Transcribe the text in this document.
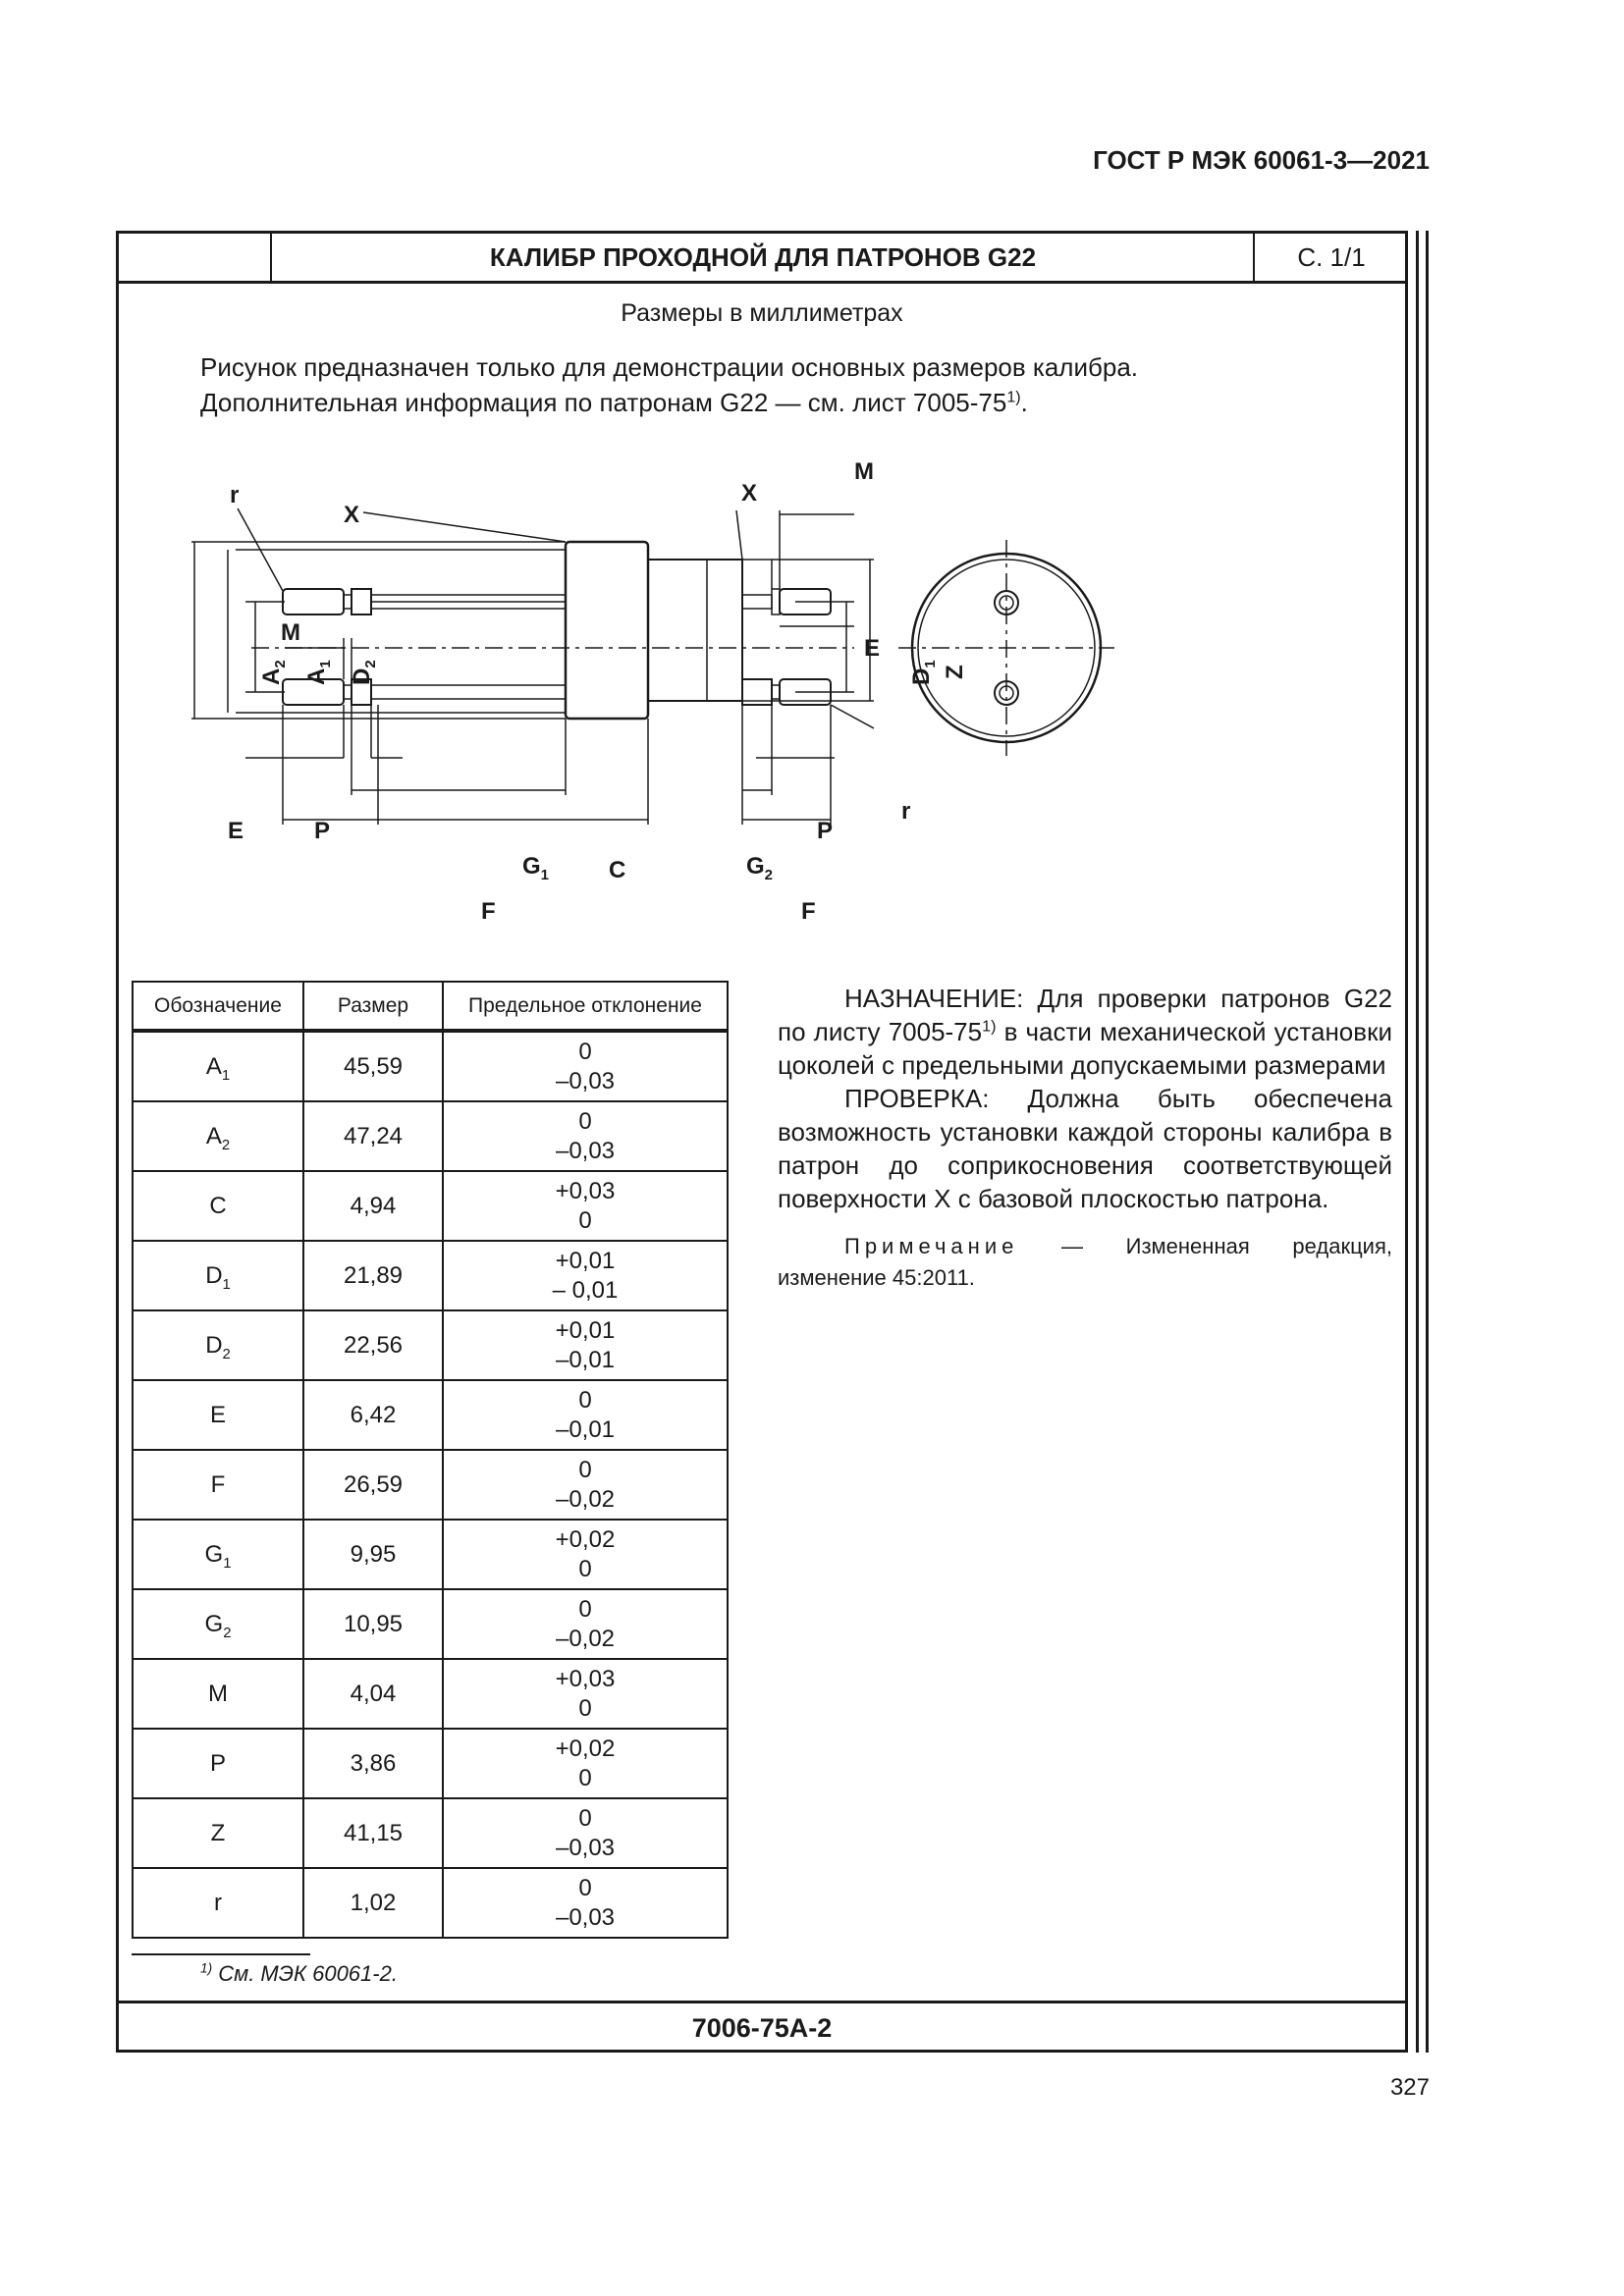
ГОСТ Р МЭК 60061-3—2021
КАЛИБР ПРОХОДНОЙ ДЛЯ ПАТРОНОВ G22	С. 1/1
Размеры в миллиметрах
Рисунок предназначен только для демонстрации основных размеров калибра.
Дополнительная информация по патронам G22 — см. лист 7005-75$^{1)}$.
r
X
X
M
M
E
E	P	P
C
F	F
r
$G_1$	$G_2$
$A_2$
$A_1$
$D_2$
$D_1$
Z
Обозначение	Размер	Предельное отклонение
$A_1$	45,59	0
–0,03

$A_2$	47,24	0
–0,03

C	4,94	+0,03
0

$D_1$	21,89	+0,01
– 0,01

$D_2$	22,56	+0,01
–0,01

E	6,42	0
–0,01

F	26,59	0
–0,02

$G_1$	9,95	+0,02
0

$G_2$	10,95	0
–0,02

M	4,04	+0,03
0

P	3,86	+0,02
0

Z	41,15	0
–0,03

r	1,02	0
–0,03

НАЗНАЧЕНИЕ: Для проверки патронов G22 по листу 7005-75$^{1)}$ в части механической установки цоколей с предельными допускаемыми размерами

ПРОВЕРКА: Должна быть обеспечена возможность установки каждой стороны калибра в патрон до соприкосновения соответствующей поверхности X с базовой плоскостью патрона.

Примечание — Измененная редакция, изменение 45:2011.

$^{1)}$ См. МЭК 60061-2.
7006-75A-2
327
